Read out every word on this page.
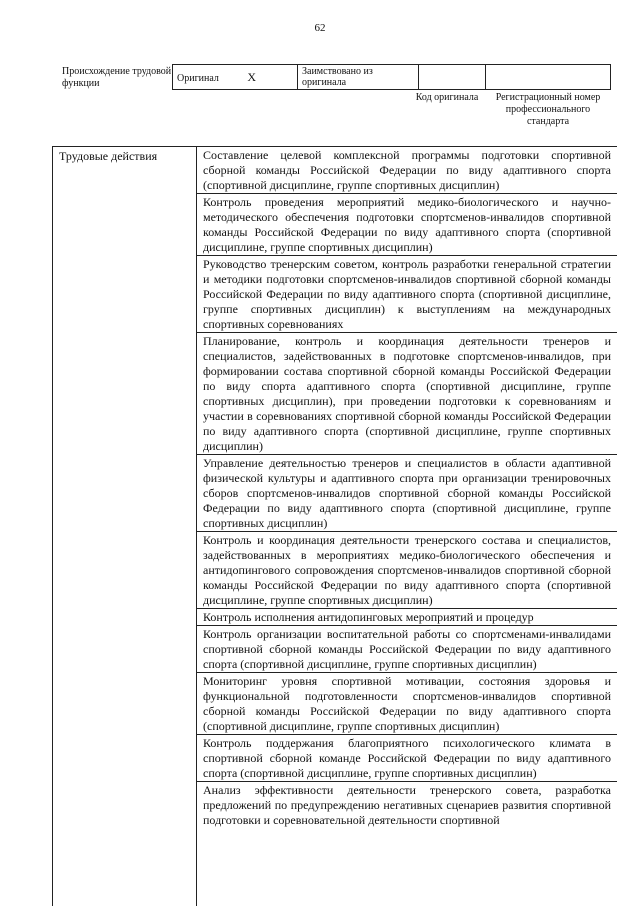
62
Происхождение трудовой функции	Оригинал X	Заимствовано из оригинала		
Код оригинала	Регистрационный номер профессионального стандарта
Трудовые действия	Составление целевой комплексной программы подготовки спортивной сборной команды Российской Федерации по виду адаптивного спорта (спортивной дисциплине, группе спортивных дисциплин)
Контроль проведения мероприятий медико-биологического и научно-методического обеспечения подготовки спортсменов-инвалидов спортивной команды Российской Федерации по виду адаптивного спорта (спортивной дисциплине, группе спортивных дисциплин)
Руководство тренерским советом, контроль разработки генеральной стратегии и методики подготовки спортсменов-инвалидов спортивной сборной команды Российской Федерации по виду адаптивного спорта (спортивной дисциплине, группе спортивных дисциплин) к выступлениям на международных спортивных соревнованиях
Планирование, контроль и координация деятельности тренеров и специалистов, задействованных в подготовке спортсменов-инвалидов, при формировании состава спортивной сборной команды Российской Федерации по виду спорта адаптивного спорта (спортивной дисциплине, группе спортивных дисциплин), при проведении подготовки к соревнованиям и участии в соревнованиях спортивной сборной команды Российской Федерации по виду адаптивного спорта (спортивной дисциплине, группе спортивных дисциплин)
Управление деятельностью тренеров и специалистов в области адаптивной физической культуры и адаптивного спорта при организации тренировочных сборов спортсменов-инвалидов спортивной сборной команды Российской Федерации по виду адаптивного спорта (спортивной дисциплине, группе спортивных дисциплин)
Контроль и координация деятельности тренерского состава и специалистов, задействованных в мероприятиях медико-биологического обеспечения и антидопингового сопровождения спортсменов-инвалидов спортивной сборной команды Российской Федерации по виду адаптивного спорта (спортивной дисциплине, группе спортивных дисциплин)
Контроль исполнения антидопинговых мероприятий и процедур
Контроль организации воспитательной работы со спортсменами-инвалидами спортивной сборной команды Российской Федерации по виду адаптивного спорта (спортивной дисциплине, группе спортивных дисциплин)
Мониторинг уровня спортивной мотивации, состояния здоровья и функциональной подготовленности спортсменов-инвалидов спортивной сборной команды Российской Федерации по виду адаптивного спорта (спортивной дисциплине, группе спортивных дисциплин)
Контроль поддержания благоприятного психологического климата в спортивной сборной команде Российской Федерации по виду адаптивного спорта (спортивной дисциплине, группе спортивных дисциплин)
Анализ эффективности деятельности тренерского совета, разработка предложений по предупреждению негативных сценариев развития спортивной подготовки и соревновательной деятельности спортивной
